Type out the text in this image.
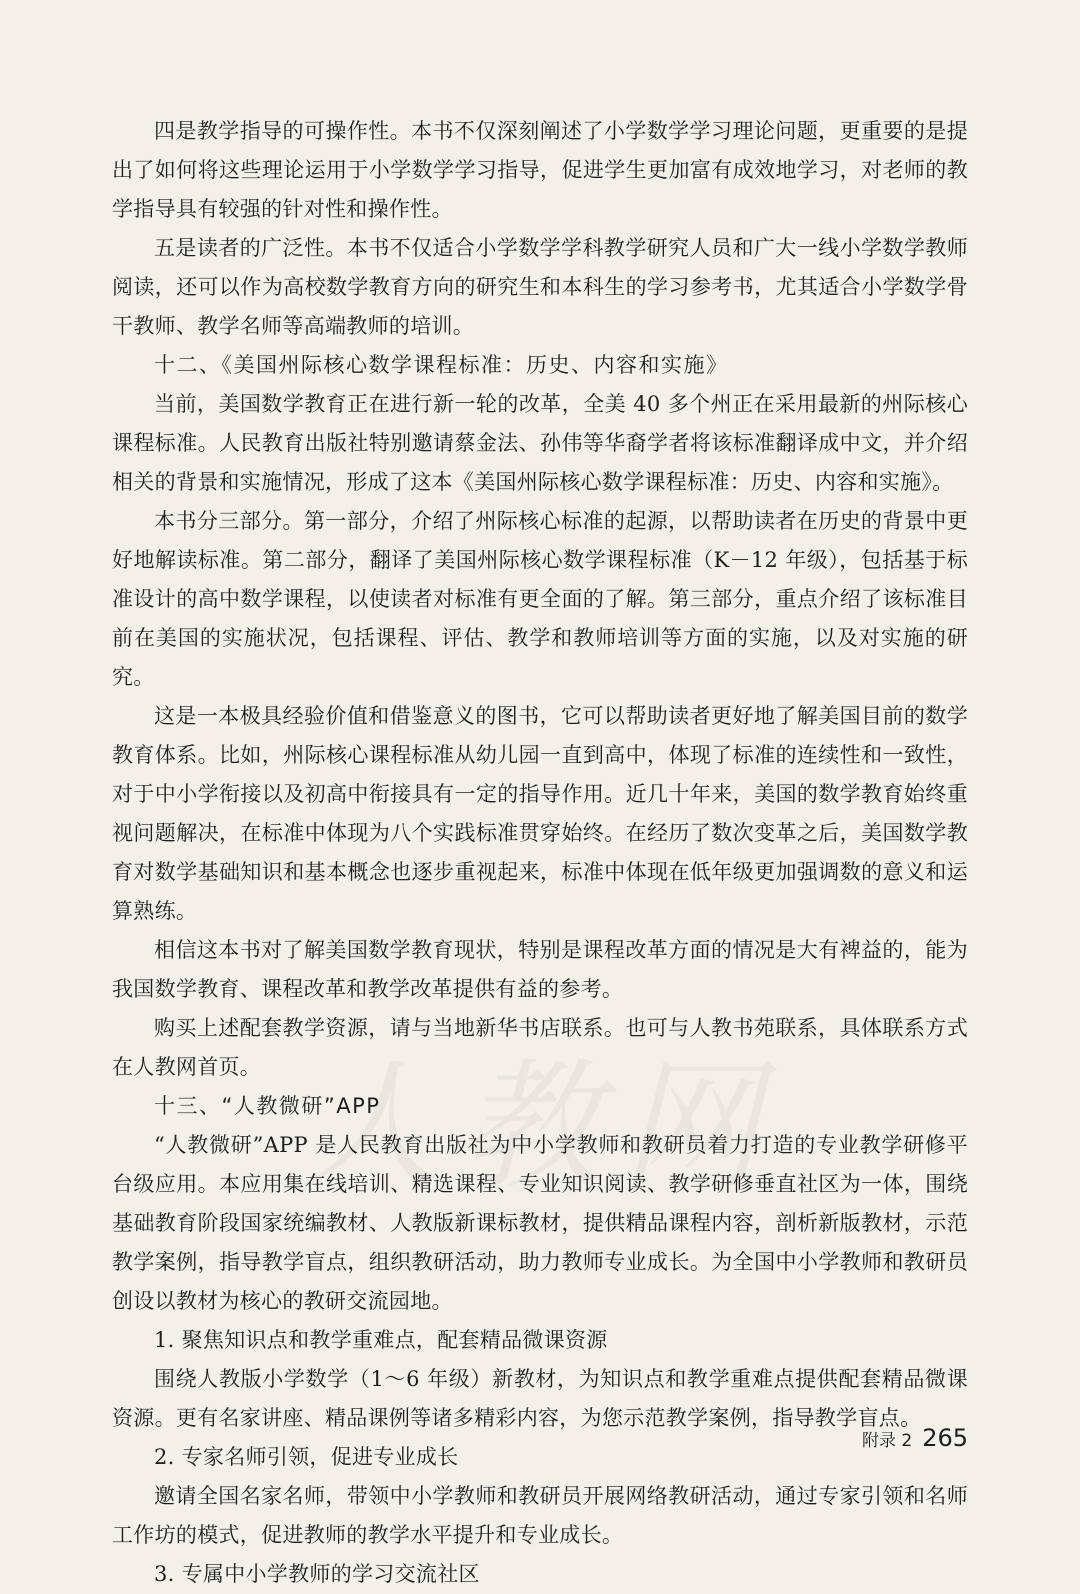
四是教学指导的可操作性。本书不仅深刻阐述了小学数学学习理论问题，更重要的是提出了如何将这些理论运用于小学数学学习指导，促进学生更加富有成效地学习，对老师的教学指导具有较强的针对性和操作性。

五是读者的广泛性。本书不仅适合小学数学学科教学研究人员和广大一线小学数学教师阅读，还可以作为高校数学教育方向的研究生和本科生的学习参考书，尤其适合小学数学骨干教师、教学名师等高端教师的培训。

十二、《美国州际核心数学课程标准：历史、内容和实施》

当前，美国数学教育正在进行新一轮的改革，全美 40 多个州正在采用最新的州际核心课程标准。人民教育出版社特别邀请蔡金法、孙伟等华裔学者将该标准翻译成中文，并介绍相关的背景和实施情况，形成了这本《美国州际核心数学课程标准：历史、内容和实施》。

本书分三部分。第一部分，介绍了州际核心标准的起源，以帮助读者在历史的背景中更好地解读标准。第二部分，翻译了美国州际核心数学课程标准（K－12 年级），包括基于标准设计的高中数学课程，以使读者对标准有更全面的了解。第三部分，重点介绍了该标准目前在美国的实施状况，包括课程、评估、教学和教师培训等方面的实施，以及对实施的研究。

这是一本极具经验价值和借鉴意义的图书，它可以帮助读者更好地了解美国目前的数学教育体系。比如，州际核心课程标准从幼儿园一直到高中，体现了标准的连续性和一致性，对于中小学衔接以及初高中衔接具有一定的指导作用。近几十年来，美国的数学教育始终重视问题解决，在标准中体现为八个实践标准贯穿始终。在经历了数次变革之后，美国数学教育对数学基础知识和基本概念也逐步重视起来，标准中体现在低年级更加强调数的意义和运算熟练。

相信这本书对了解美国数学教育现状，特别是课程改革方面的情况是大有裨益的，能为我国数学教育、课程改革和教学改革提供有益的参考。

购买上述配套教学资源，请与当地新华书店联系。也可与人教书苑联系，具体联系方式在人教网首页。

十三、“人教微研”APP

“人教微研”APP 是人民教育出版社为中小学教师和教研员着力打造的专业教学研修平台级应用。本应用集在线培训、精选课程、专业知识阅读、教学研修垂直社区为一体，围绕基础教育阶段国家统编教材、人教版新课标教材，提供精品课程内容，剖析新版教材，示范教学案例，指导教学盲点，组织教研活动，助力教师专业成长。为全国中小学教师和教研员创设以教材为核心的教研交流园地。

1. 聚焦知识点和教学重难点，配套精品微课资源

围绕人教版小学数学（1～6 年级）新教材，为知识点和教学重难点提供配套精品微课资源。更有名家讲座、精品课例等诸多精彩内容，为您示范教学案例，指导教学盲点。

2. 专家名师引领，促进专业成长

邀请全国名家名师，带领中小学教师和教研员开展网络教研活动，通过专家引领和名师工作坊的模式，促进教师的教学水平提升和专业成长。

3. 专属中小学教师的学习交流社区

附录 2 265
